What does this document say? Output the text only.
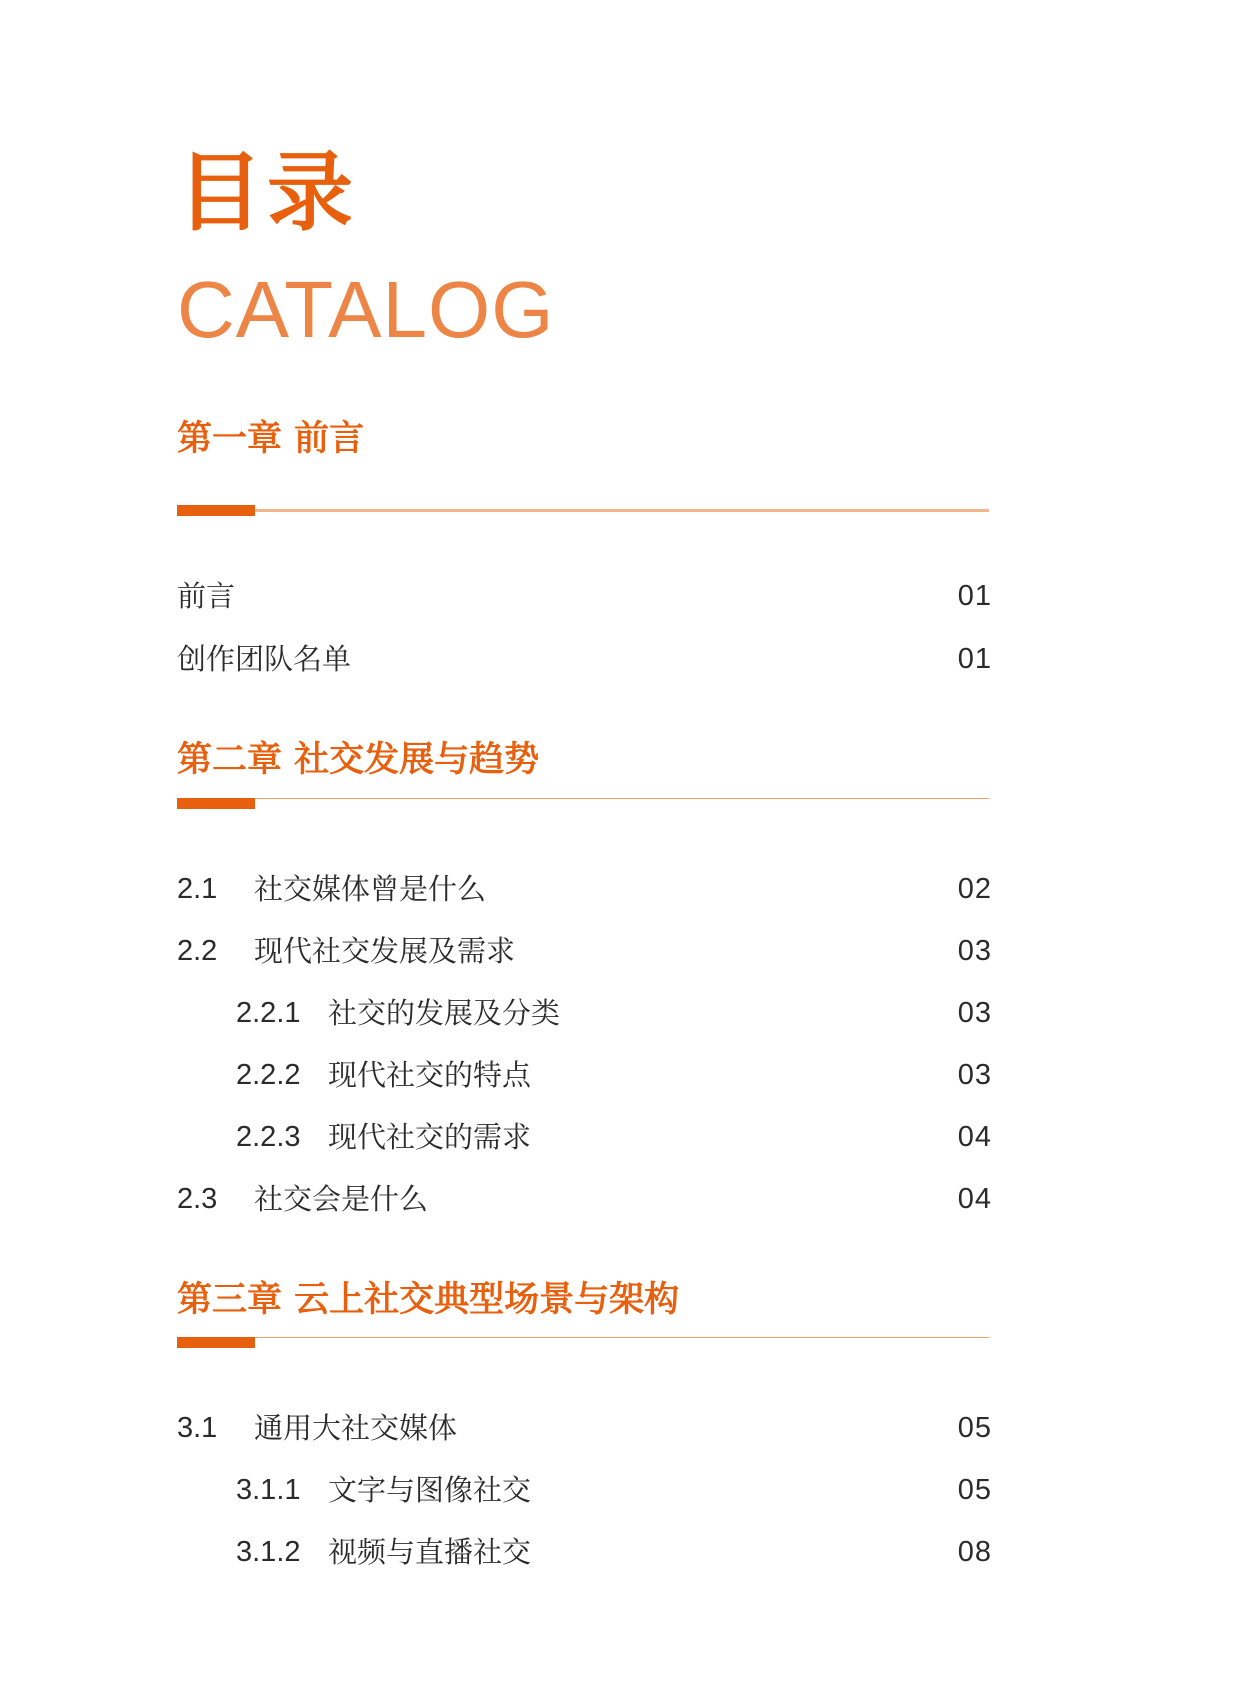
目录
CATALOG
第一章 前言
前言	01
创作团队名单	01
第二章 社交发展与趋势
2.1 社交媒体曾是什么	02
2.2 现代社交发展及需求	03
2.2.1 社交的发展及分类	03
2.2.2 现代社交的特点	03
2.2.3 现代社交的需求	04
2.3 社交会是什么	04
第三章 云上社交典型场景与架构
3.1 通用大社交媒体	05
3.1.1 文字与图像社交	05
3.1.2 视频与直播社交	08
